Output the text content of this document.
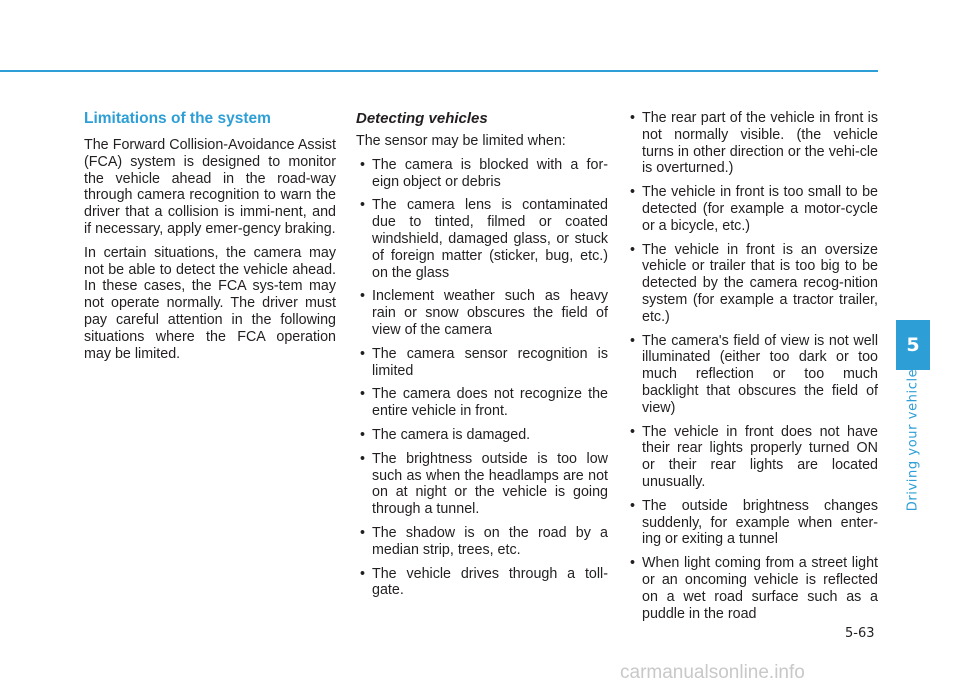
Limitations of the system

The Forward Collision-Avoidance Assist (FCA) system is designed to monitor the vehicle ahead in the road-way through camera recognition to warn the driver that a collision is immi-nent, and if necessary, apply emer-gency braking.

In certain situations, the camera may not be able to detect the vehicle ahead. In these cases, the FCA sys-tem may not operate normally. The driver must pay careful attention in the following situations where the FCA operation may be limited.

Detecting vehicles

The sensor may be limited when:

• The camera is blocked with a for-eign object or debris
• The camera lens is contaminated due to tinted, filmed or coated windshield, damaged glass, or stuck of foreign matter (sticker, bug, etc.) on the glass
• Inclement weather such as heavy rain or snow obscures the field of view of the camera
• The camera sensor recognition is limited
• The camera does not recognize the entire vehicle in front.
• The camera is damaged.
• The brightness outside is too low such as when the headlamps are not on at night or the vehicle is going through a tunnel.
• The shadow is on the road by a median strip, trees, etc.
• The vehicle drives through a toll-gate.
• The rear part of the vehicle in front is not normally visible. (the vehicle turns in other direction or the vehi-cle is overturned.)
• The vehicle in front is too small to be detected (for example a motor-cycle or a bicycle, etc.)
• The vehicle in front is an oversize vehicle or trailer that is too big to be detected by the camera recog-nition system (for example a tractor trailer, etc.)
• The camera's field of view is not well illuminated (either too dark or too much reflection or too much backlight that obscures the field of view)
• The vehicle in front does not have their rear lights properly turned ON or their rear lights are located unusually.
• The outside brightness changes suddenly, for example when enter-ing or exiting a tunnel
• When light coming from a street light or an oncoming vehicle is reflected on a wet road surface such as a puddle in the road
5
Driving your vehicle
5-63
carmanualsonline.info
